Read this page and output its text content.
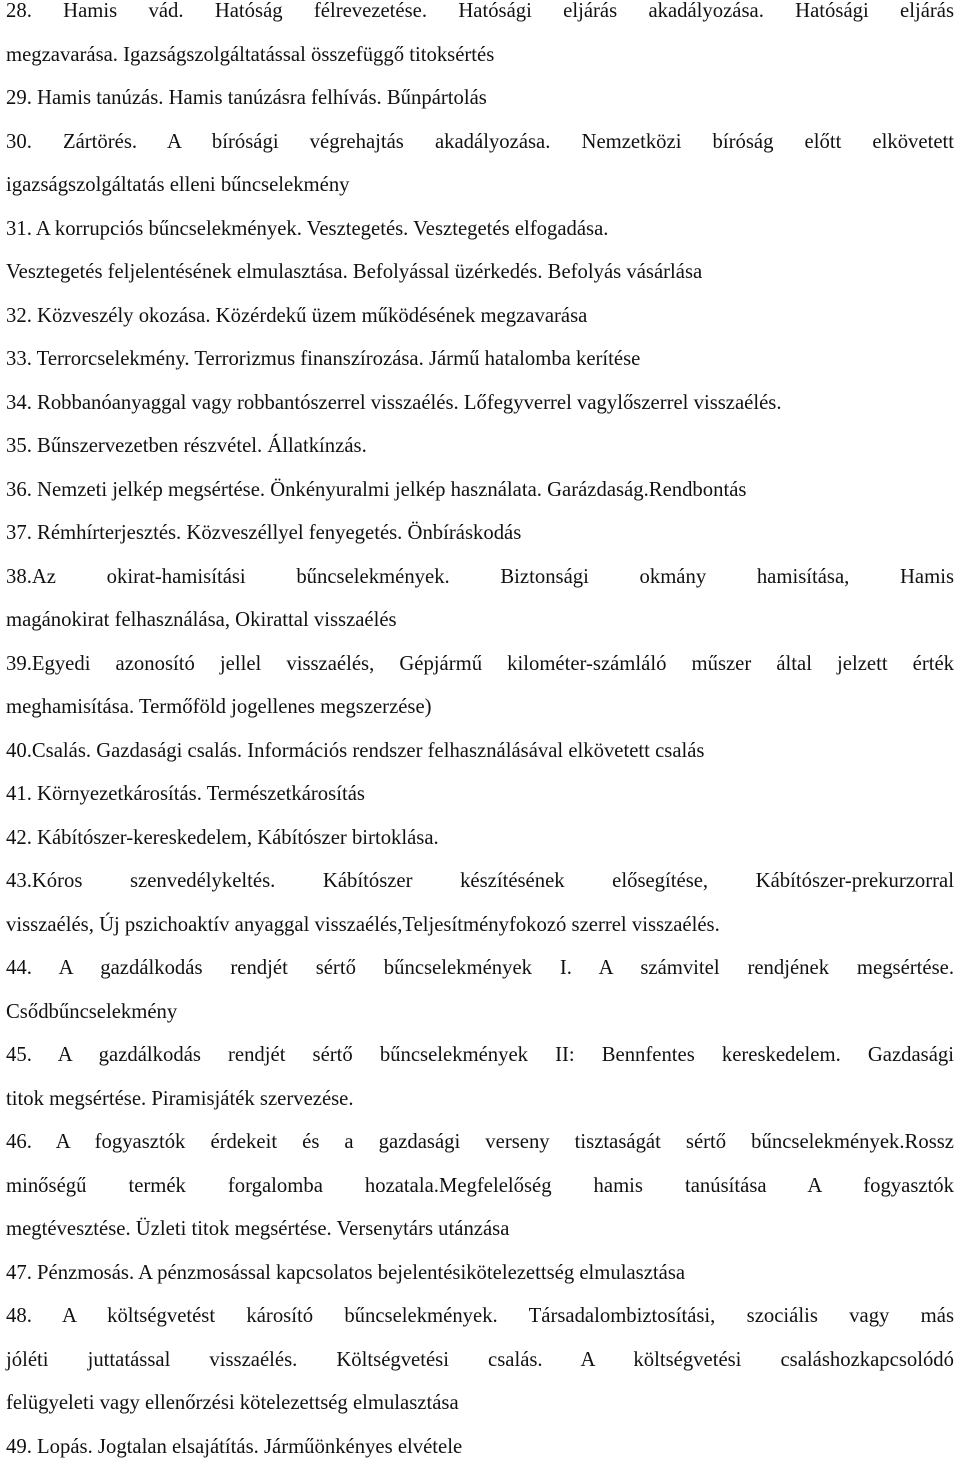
28. Hamis vád. Hatóság félrevezetése. Hatósági eljárás akadályozása. Hatósági eljárás
megzavarása. Igazságszolgáltatással összefüggő titoksértés
29. Hamis tanúzás. Hamis tanúzásra felhívás. Bűnpártolás
30. Zártörés. A bírósági végrehajtás akadályozása. Nemzetközi bíróság előtt elkövetett
igazságszolgáltatás elleni bűncselekmény
31. A korrupciós bűncselekmények. Vesztegetés. Vesztegetés elfogadása.
Vesztegetés feljelentésének elmulasztása. Befolyással üzérkedés. Befolyás vásárlása
32. Közveszély okozása. Közérdekű üzem működésének megzavarása
33. Terrorcselekmény. Terrorizmus finanszírozása. Jármű hatalomba kerítése
34. Robbanóanyaggal vagy robbantószerrel visszaélés. Lőfegyverrel vagylőszerrel visszaélés.
35. Bűnszervezetben részvétel. Állatkínzás.
36. Nemzeti jelkép megsértése. Önkényuralmi jelkép használata. Garázdaság.Rendbontás
37. Rémhírterjesztés. Közveszéllyel fenyegetés. Önbíráskodás
38.Az okirat-hamisítási bűncselekmények. Biztonsági okmány hamisítása, Hamis
magánokirat felhasználása, Okirattal visszaélés
39.Egyedi azonosító jellel visszaélés, Gépjármű kilométer-számláló műszer által jelzett érték
meghamisítása. Termőföld jogellenes megszerzése)
40.Csalás. Gazdasági csalás. Információs rendszer felhasználásával elkövetett csalás
41. Környezetkárosítás. Természetkárosítás
42. Kábítószer-kereskedelem, Kábítószer birtoklása.
43.Kóros szenvedélykeltés. Kábítószer készítésének elősegítése, Kábítószer-prekurzorral
visszaélés, Új pszichoaktív anyaggal visszaélés,Teljesítményfokozó szerrel visszaélés.
44. A gazdálkodás rendjét sértő bűncselekmények I. A számvitel rendjének megsértése.
Csődbűncselekmény
45. A gazdálkodás rendjét sértő bűncselekmények II: Bennfentes kereskedelem. Gazdasági
titok megsértése. Piramisjáték szervezése.
46. A fogyasztók érdekeit és a gazdasági verseny tisztaságát sértő bűncselekmények.Rossz
minőségű termék forgalomba hozatala.Megfelelőség hamis tanúsítása A fogyasztók
megtévesztése. Üzleti titok megsértése. Versenytárs utánzása
47. Pénzmosás. A pénzmosással kapcsolatos bejelentésikötelezettség elmulasztása
48. A költségvetést károsító bűncselekmények. Társadalombiztosítási, szociális vagy más
jóléti juttatással visszaélés. Költségvetési csalás. A költségvetési csaláshozkapcsolódó
felügyeleti vagy ellenőrzési kötelezettség elmulasztása
49. Lopás. Jogtalan elsajátítás. Járműönkényes elvétele
